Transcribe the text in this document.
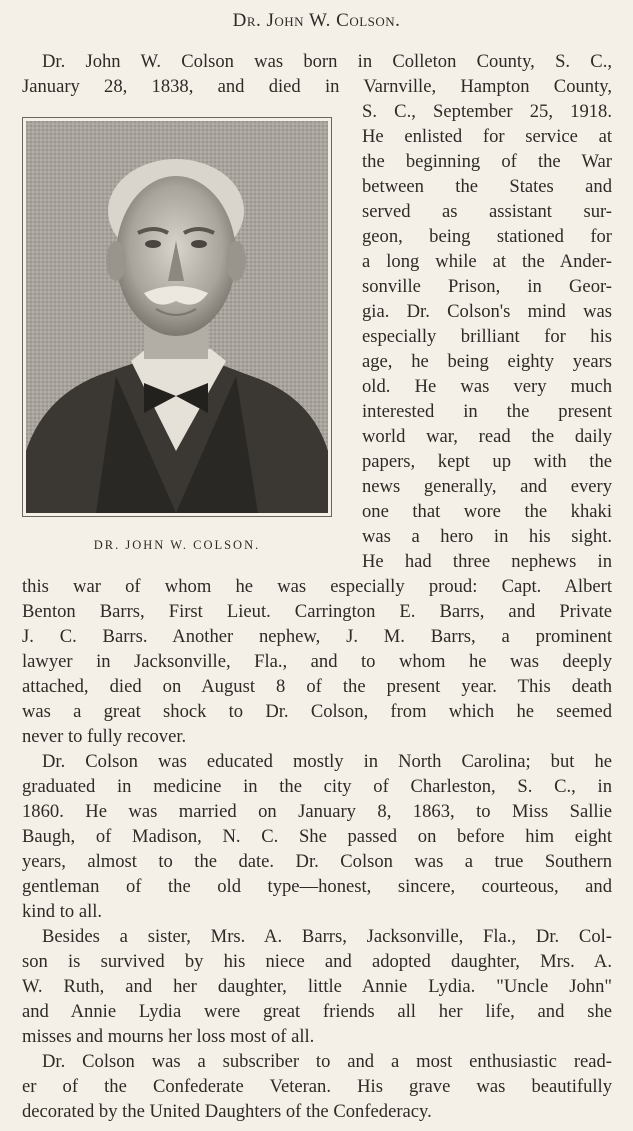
Dr. John W. Colson.
Dr. John W. Colson was born in Colleton County, S. C.,
January 28, 1838, and died in Varnville, Hampton County,
DR. JOHN W. COLSON.
S. C., September 25, 1918.
He enlisted for service at
the beginning of the War
between the States and
served as assistant sur-
geon, being stationed for
a long while at the Ander-
sonville Prison, in Geor-
gia. Dr. Colson's mind was
especially brilliant for his
age, he being eighty years
old. He was very much
interested in the present
world war, read the daily
papers, kept up with the
news generally, and every
one that wore the khaki
was a hero in his sight.
He had three nephews in
this war of whom he was especially proud: Capt. Albert
Benton Barrs, First Lieut. Carrington E. Barrs, and Private
J. C. Barrs. Another nephew, J. M. Barrs, a prominent
lawyer in Jacksonville, Fla., and to whom he was deeply
attached, died on August 8 of the present year. This death
was a great shock to Dr. Colson, from which he seemed
never to fully recover.
Dr. Colson was educated mostly in North Carolina; but he
graduated in medicine in the city of Charleston, S. C., in
1860. He was married on January 8, 1863, to Miss Sallie
Baugh, of Madison, N. C. She passed on before him eight
years, almost to the date. Dr. Colson was a true Southern
gentleman of the old type—honest, sincere, courteous, and
kind to all.
Besides a sister, Mrs. A. Barrs, Jacksonville, Fla., Dr. Col-
son is survived by his niece and adopted daughter, Mrs. A.
W. Ruth, and her daughter, little Annie Lydia. "Uncle John"
and Annie Lydia were great friends all her life, and she
misses and mourns her loss most of all.
Dr. Colson was a subscriber to and a most enthusiastic read-
er of the Confederate Veteran. His grave was beautifully
decorated by the United Daughters of the Confederacy.
